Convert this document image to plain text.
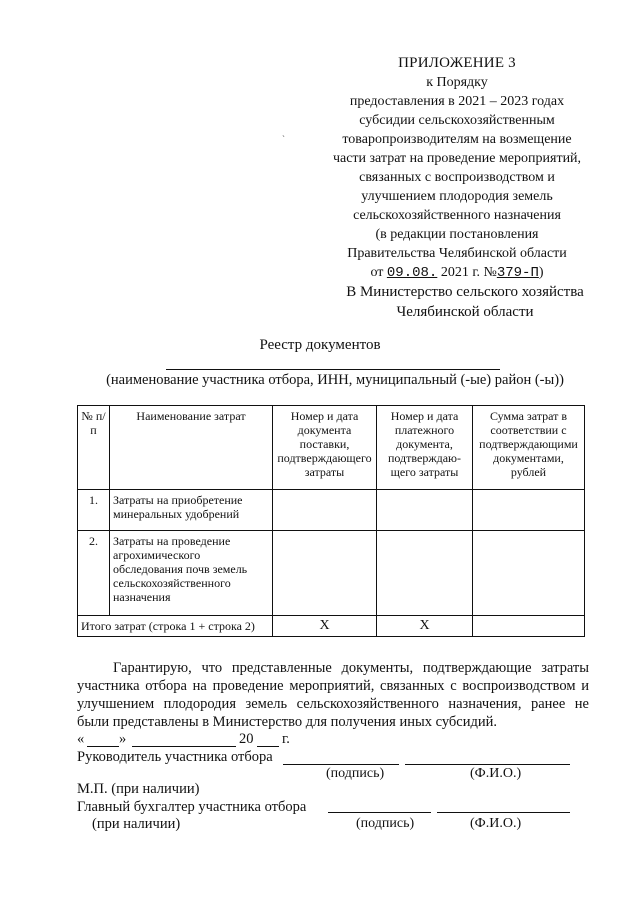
˴
ПРИЛОЖЕНИЕ 3
к Порядку
предоставления в 2021 – 2023 годах
субсидии сельскохозяйственным
товаропроизводителям на возмещение
части затрат на проведение мероприятий,
связанных с воспроизводством и
улучшением плодородия земель
сельскохозяйственного назначения
(в редакции постановления
Правительства Челябинской области
от 09.08. 2021 г. №379-П)
В Министерство сельского хозяйства
Челябинской области
Реестр документов
(наименование участника отбора, ИНН, муниципальный (-ые) район (-ы))
№ п/п	Наименование затрат	Номер и дата документа поставки, подтверждающего затраты	Номер и дата платежного документа, подтверждаю-щего затраты	Сумма затрат в соответствии с подтверждающими документами, рублей
1.	Затраты на приобретение минеральных удобрений			
2.	Затраты на проведение агрохимического обследования почв земель сельскохозяйственного назначения			
Итого затрат (строка 1 + строка 2)		Х	Х	

Гарантирую, что представленные документы, подтверждающие затраты участника отбора на проведение мероприятий, связанных с воспроизводством и улучшением плодородия земель сельскохозяйственного назначения, ранее не были представлены в Министерство для получения иных субсидий.

« »	20 г.
Руководитель участника отбора
(подпись)	(Ф.И.О.)
М.П. (при наличии)
Главный бухгалтер участника отбора
(при наличии)	(подпись)	(Ф.И.О.)
